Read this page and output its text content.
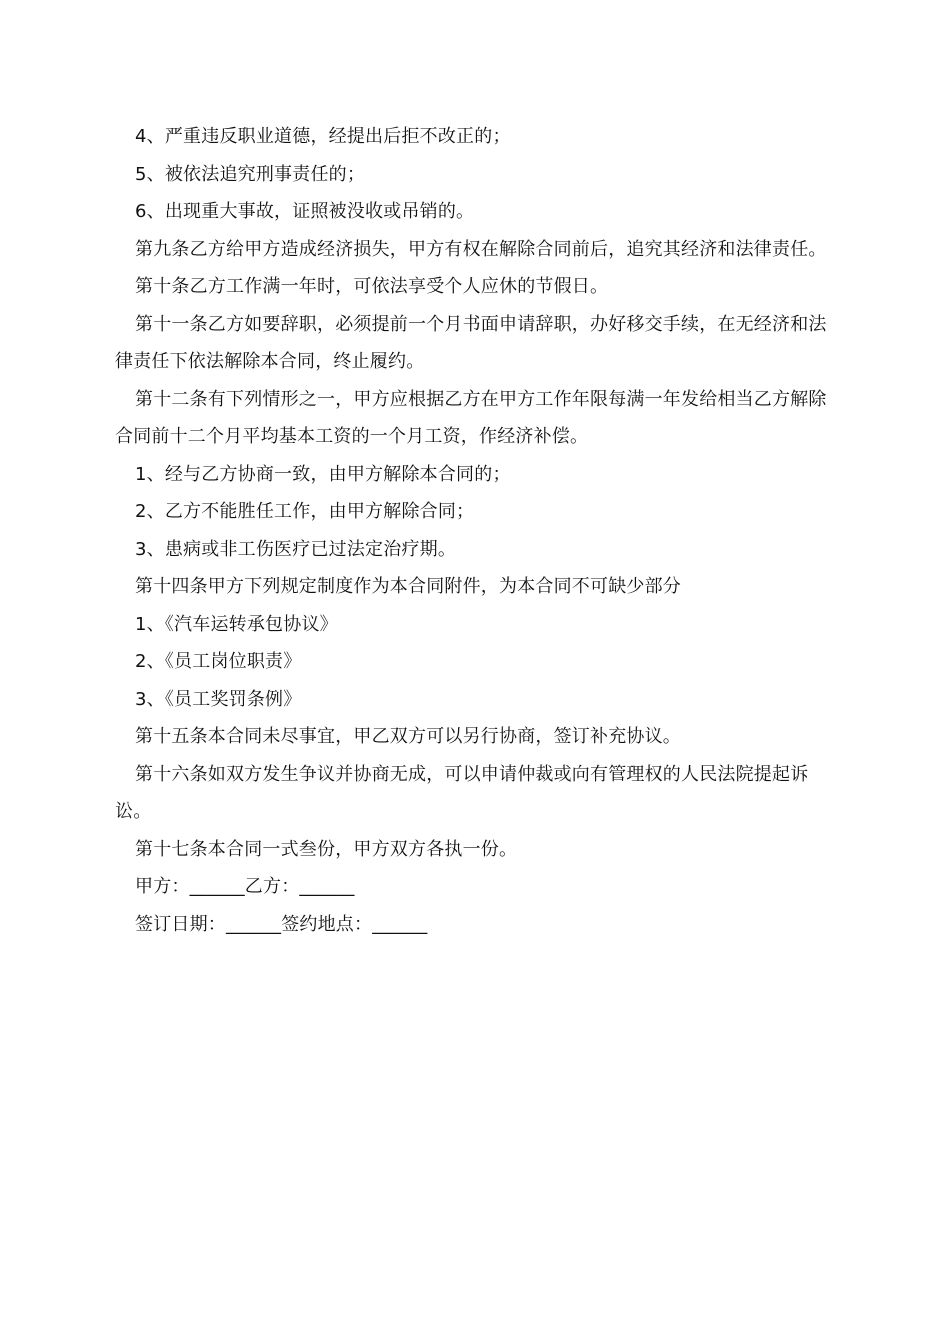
4、严重违反职业道德，经提出后拒不改正的；

5、被依法追究刑事责任的；

6、出现重大事故，证照被没收或吊销的。

第九条乙方给甲方造成经济损失，甲方有权在解除合同前后，追究其经济和法律责任。

第十条乙方工作满一年时，可依法享受个人应休的节假日。

第十一条乙方如要辞职，必须提前一个月书面申请辞职，办好移交手续，在无经济和法律责任下依法解除本合同，终止履约。

第十二条有下列情形之一，甲方应根据乙方在甲方工作年限每满一年发给相当乙方解除合同前十二个月平均基本工资的一个月工资，作经济补偿。

1、经与乙方协商一致，由甲方解除本合同的；

2、乙方不能胜任工作，由甲方解除合同；

3、患病或非工伤医疗已过法定治疗期。

第十四条甲方下列规定制度作为本合同附件，为本合同不可缺少部分

1、《汽车运转承包协议》

2、《员工岗位职责》

3、《员工奖罚条例》

第十五条本合同未尽事宜，甲乙双方可以另行协商，签订补充协议。

第十六条如双方发生争议并协商无成，可以申请仲裁或向有管理权的人民法院提起诉讼。

第十七条本合同一式叁份，甲方双方各执一份。

甲方：______乙方：______

签订日期：______签约地点：______
